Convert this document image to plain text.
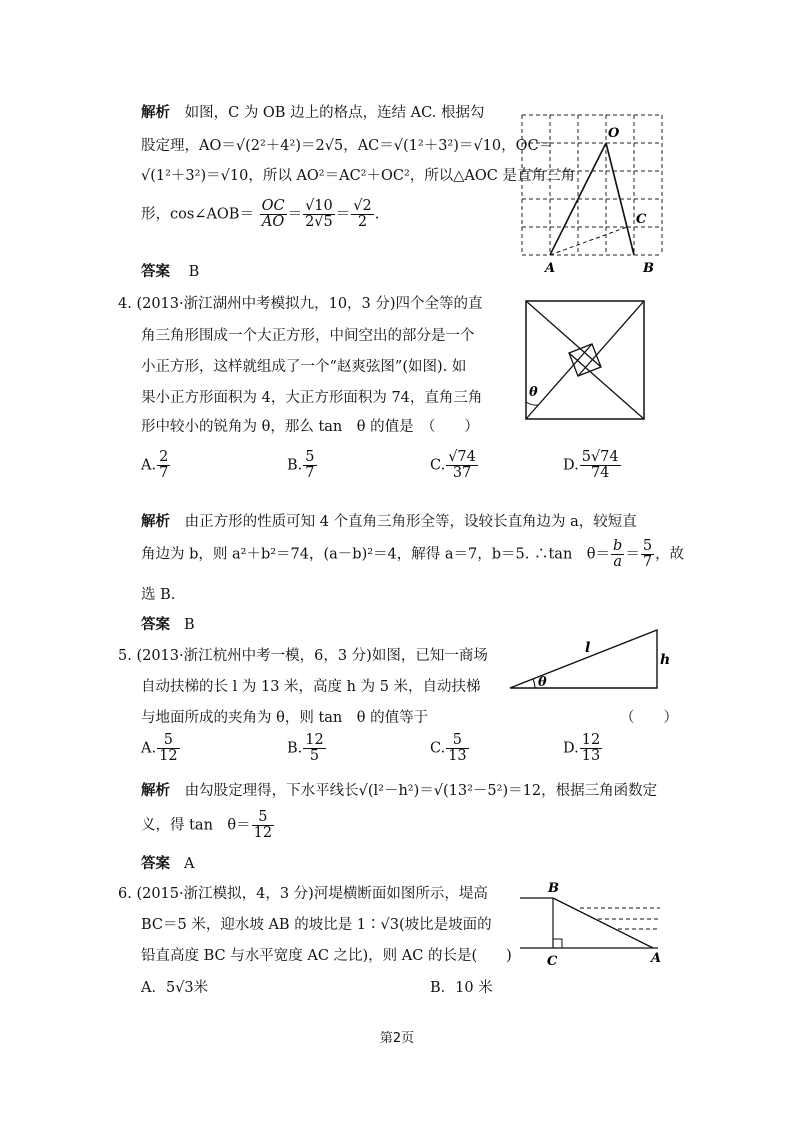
解析 如图，C 为 OB 边上的格点，连结 AC. 根据勾
股定理，AO＝√(2²＋4²)＝2√5，AC＝√(1²＋3²)＝√10，OC＝
√(1²＋3²)＝√10，所以 AO²＝AC²＋OC²，所以△AOC 是直角三角
形，cos∠AOB＝ $\frac{OC}{AO} = \frac{√10}{2√5} = \frac{√2}{2}$ .
答案 B
O
C
A	B
4. (2013·浙江湖州中考模拟九，10，3 分)四个全等的直
角三角形围成一个大正方形，中间空出的部分是一个
小正方形，这样就组成了一个“赵爽弦图”(如图). 如
果小正方形面积为 4，大正方形面积为 74，直角三角
形中较小的锐角为 θ，那么 tan　θ 的值是　（　　）
θ
A. $\frac{2}{7}$	B. $\frac{5}{7}$	C. $\frac{√74}{37}$	D. $\frac{5√74}{74}$
解析 由正方形的性质可知 4 个直角三角形全等，设较长直角边为 a，较短直
角边为 b，则 a²＋b²＝74，(a－b)²＝4，解得 a＝7，b＝5. ∴tan　$\theta= \frac{b}{a} = \frac{5}{7}$ ，故
选 B.
答案 B
5. (2013·浙江杭州中考一模，6，3 分)如图，已知一商场
自动扶梯的长 l 为 13 米，高度 h 为 5 米，自动扶梯
与地面所成的夹角为 θ，则 tan　θ 的值等于	（　　）
θ
l
h
A. $\frac{5}{12}$	B. $\frac{12}{5}$	C. $\frac{5}{13}$	D. $\frac{12}{13}$
解析 由勾股定理得，下水平线长√(l²－h²)＝√(13²－5²)＝12，根据三角函数定
义，得 tan　$\theta= \frac{5}{12}$
答案 A
6. (2015·浙江模拟，4，3 分)河堤横断面如图所示，堤高
BC＝5 米，迎水坡 AB 的坡比是 1∶√3(坡比是坡面的
铅直高度 BC 与水平宽度 AC 之比)，则 AC 的长是(　　)
A．5√3米	B．10 米
B
C	A
第2页
